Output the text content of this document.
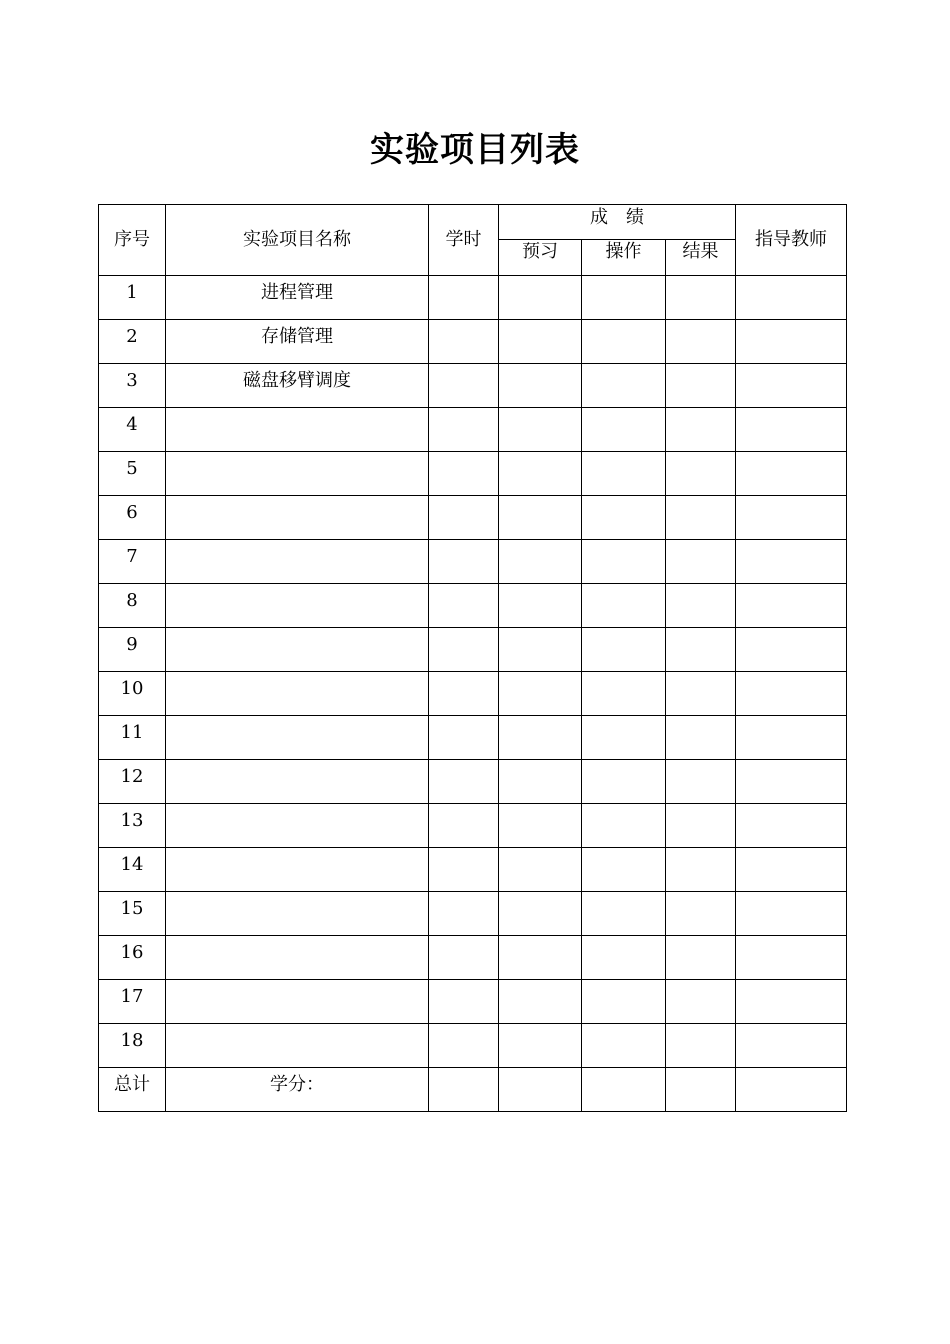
实验项目列表
序号	实验项目名称	学时	成　绩			指导教师
			预习	操作	结果	
1	进程管理					
2	存储管理					
3	磁盘移臂调度					
4						
5						
6						
7						
8						
9						
10						
11						
12						
13						
14						
15						
16						
17						
18						
总计	学分：					
